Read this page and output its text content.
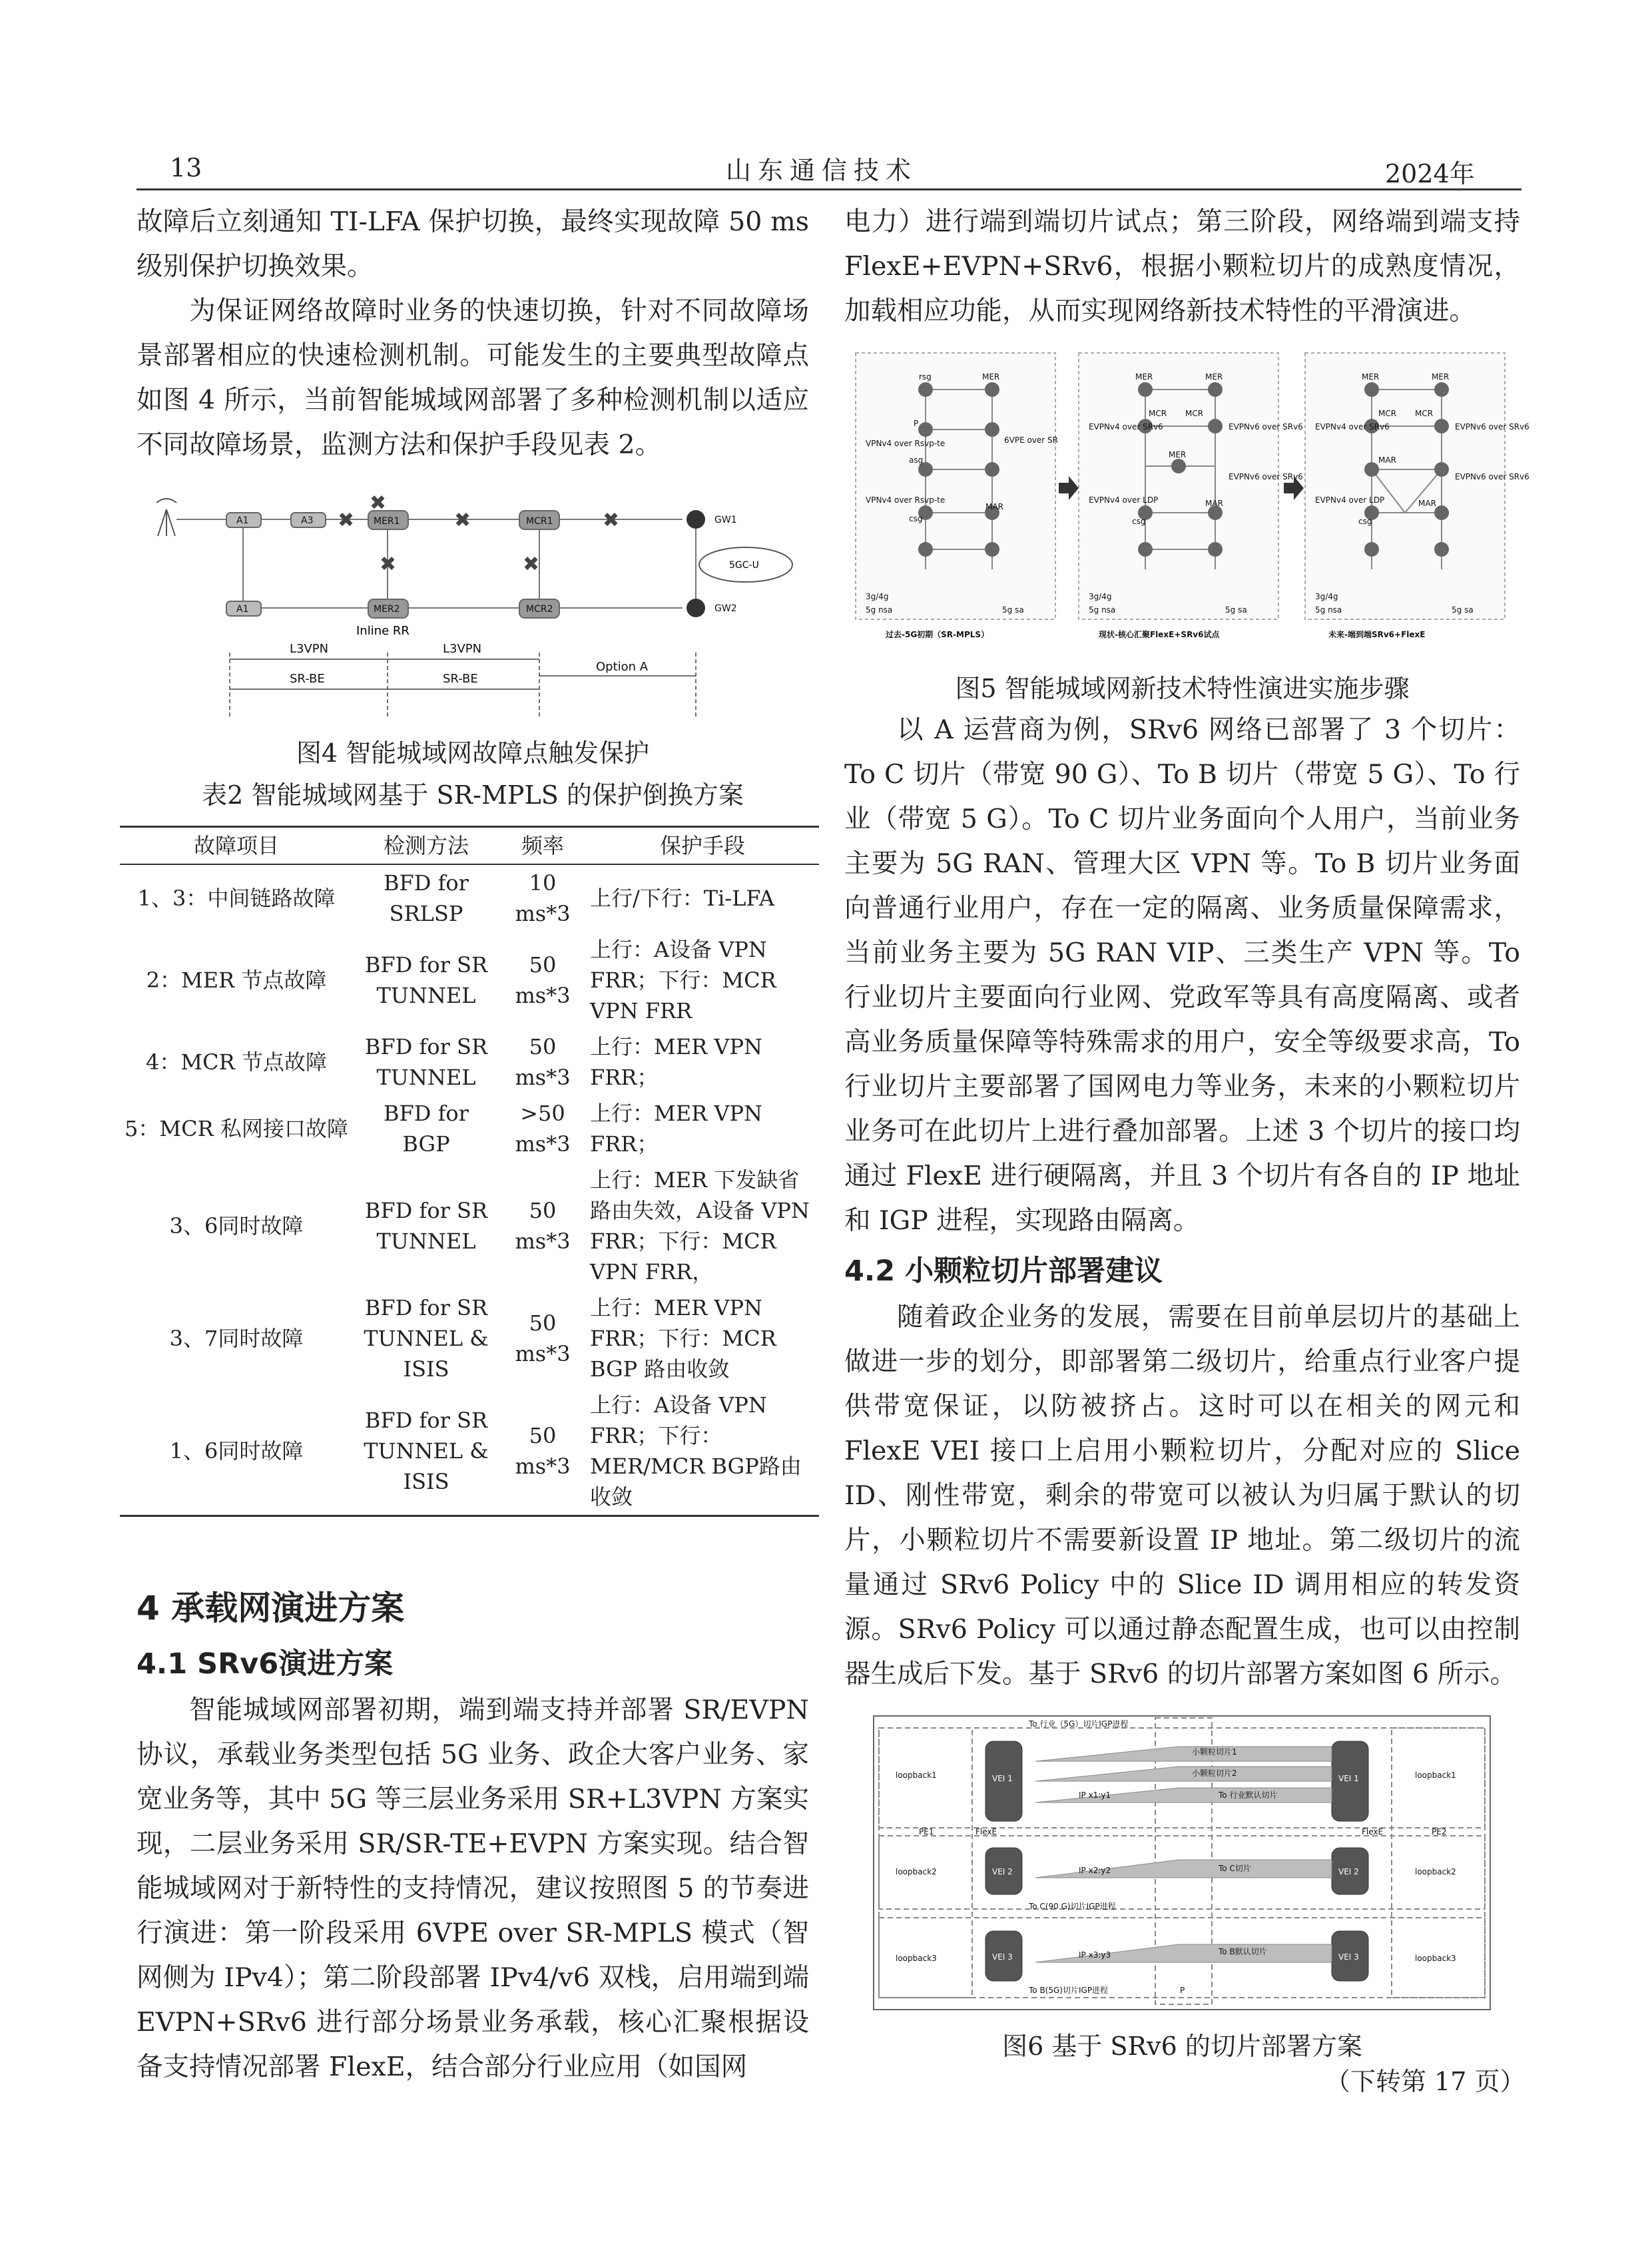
13	山东通信技术	2024年

故障后立刻通知 TI-LFA 保护切换，最终实现故障 50 ms 级别保护切换效果。

为保证网络故障时业务的快速切换，针对不同故障场景部署相应的快速检测机制。可能发生的主要典型故障点如图 4 所示，当前智能城域网部署了多种检测机制以适应不同故障场景，监测方法和保护手段见表 2。

✖
✖
✖	✖
✖
✖
A1	A3	MER1	MCR1	GW1
A1	MER2	MCR2	GW2
5GC-U
Inline RR
L3VPN
SR-BE
L3VPN
SR-BE
Option A
图4 智能城域网故障点触发保护
表2 智能城域网基于 SR-MPLS 的保护倒换方案
故障项目	检测方法	频率	保护手段
1、3：中间链路故障	BFD for SRLSP	10 ms*3	上行/下行：Ti-LFA
2：MER 节点故障	BFD for SR TUNNEL	50 ms*3	上行：A设备 VPN FRR；下行：MCR VPN FRR
4：MCR 节点故障	BFD for SR TUNNEL	50 ms*3	上行：MER VPN FRR；
5：MCR 私网接口故障	BFD for BGP	>50 ms*3	上行：MER VPN FRR；
3、6同时故障	BFD for SR TUNNEL	50 ms*3	上行：MER 下发缺省路由失效，A设备 VPN FRR；下行：MCR VPN FRR，
3、7同时故障	BFD for SR TUNNEL & ISIS	50 ms*3	上行：MER VPN FRR；下行：MCR BGP 路由收敛
1、6同时故障	BFD for SR TUNNEL & ISIS	50 ms*3	上行：A设备 VPN FRR；下行：MER/MCR BGP路由收敛
4 承载网演进方案
4.1 SRv6演进方案

智能城域网部署初期，端到端支持并部署 SR/EVPN 协议，承载业务类型包括 5G 业务、政企大客户业务、家宽业务等，其中 5G 等三层业务采用 SR+L3VPN 方案实现，二层业务采用 SR/SR-TE+EVPN 方案实现。结合智能城域网对于新特性的支持情况，建议按照图 5 的节奏进行演进：第一阶段采用 6VPE over SR-MPLS 模式（智网侧为 IPv4）；第二阶段部署 IPv4/v6 双栈，启用端到端 EVPN+SRv6 进行部分场景业务承载，核心汇聚根据设备支持情况部署 FlexE，结合部分行业应用（如国网

电力）进行端到端切片试点；第三阶段，网络端到端支持 FlexE+EVPN+SRv6，根据小颗粒切片的成熟度情况，加载相应功能，从而实现网络新技术特性的平滑演进。

rsg	MER
P
asg
csg
MAR
VPNv4 over Rsvp-te
VPNv4 over Rsvp-te
6VPE over SR
3g/4g
5g nsa	5g sa
过去-5G初期（SR-MPLS）
MER	MER
MCR MCR
MER
MAR
csg
EVPNv4 over SRv6
EVPNv4 over LDP
EVPNv6 over SRv6
EVPNv6 over SRv6
3g/4g
5g nsa	5g sa
现状-核心汇聚FlexE+SRv6试点
MER	MER
MCR MCR
MAR
MAR
csg
EVPNv4 over SRv6
EVPNv4 over LDP
EVPNv6 over SRv6
EVPNv6 over SRv6
3g/4g
5g nsa	5g sa
未来-端到端SRv6+FlexE
图5 智能城域网新技术特性演进实施步骤

以 A 运营商为例，SRv6 网络已部署了 3 个切片：To C 切片（带宽 90 G）、To B 切片（带宽 5 G）、To 行业（带宽 5 G）。To C 切片业务面向个人用户，当前业务主要为 5G RAN、管理大区 VPN 等。To B 切片业务面向普通行业用户，存在一定的隔离、业务质量保障需求，当前业务主要为 5G RAN VIP、三类生产 VPN 等。To 行业切片主要面向行业网、党政军等具有高度隔离、或者高业务质量保障等特殊需求的用户，安全等级要求高，To 行业切片主要部署了国网电力等业务，未来的小颗粒切片业务可在此切片上进行叠加部署。上述 3 个切片的接口均通过 FlexE 进行硬隔离，并且 3 个切片有各自的 IP 地址和 IGP 进程，实现路由隔离。

4.2 小颗粒切片部署建议

随着政企业务的发展，需要在目前单层切片的基础上做进一步的划分，即部署第二级切片，给重点行业客户提供带宽保证，以防被挤占。这时可以在相关的网元和 FlexE VEI 接口上启用小颗粒切片，分配对应的 Slice ID、刚性带宽，剩余的带宽可以被认为归属于默认的切片，小颗粒切片不需要新设置 IP 地址。第二级切片的流量通过 SRv6 Policy 中的 Slice ID 调用相应的转发资源。SRv6 Policy 可以通过静态配置生成，也可以由控制器生成后下发。基于 SRv6 的切片部署方案如图 6 所示。

loopback1	loopback1
loopback2	loopback2
loopback3	loopback3
PE1	PE2
FlexE	FlexE
To 行业（5G）切片IGP进程
小颗粒切片1
小颗粒切片2
IP x1:y1	To 行业默认切片
IP x2:y2	To C切片
To C(90 G)切片IGP进程
IP x3:y3	To B默认切片
To B(5G)切片IGP进程	P
VEI 1	VEI 1
VEI 2	VEI 2
VEI 3	VEI 3
图6 基于 SRv6 的切片部署方案
（下转第 17 页）
